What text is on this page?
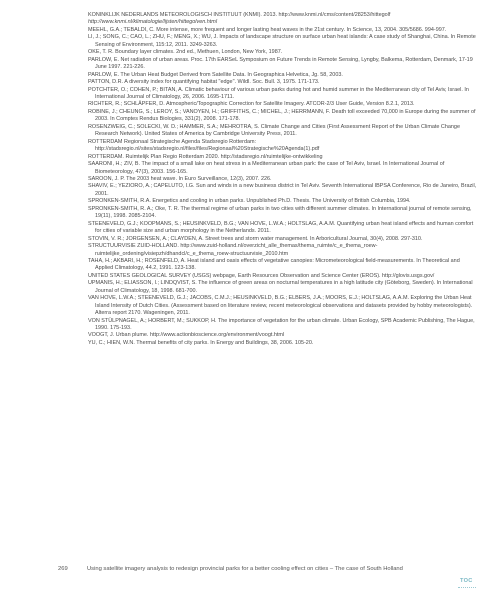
KONINKLIJK NEDERLANDS METEOROLOGISCH INSTITUUT (KNMI). 2013. http://www.knmi.nl/cms/content/28253/hittegolf

http://www.knmi.nl/klimatologie/lijsten/hittegolven.html

MEEHL, G.A.; TEBALDI, C. More intense, more frequent and longer lasting heat waves in the 21st century. In Science, 13, 2004. 305/5686. 994-997.

LI, J.; SONG, C.; CAO, L.; ZHU, F.; MENG, X.; WU, J. Impacts of landscape structure on surface urban heat islands: A case study of Shanghai, China. In Remote Sensing of Environment, 115:12, 2011. 3249-3263.

OKE, T. R. Boundary layer climates. 2nd ed., Methuen, London, New York, 1987.

PARLOW, E. Net radiation of urban areas. Proc. 17th EARSeL Symposium on Future Trends in Remote Sensing, Lyngby, Balkema, Rotterdam, Denmark, 17-19 June 1997. 221-226.

PARLOW, E. The Urban Heat Budget Derived from Satellite Data. In Geographica Helvetica, Jg. 58, 2003.

PATTON, D.R. A diversity index for quantifying habitat "edge". Wildl. Soc. Bull. 3, 1975. 171-173.

POTCHTER, O.; COHEN, P.; BITAN, A. Climatic behaviour of various urban parks during hot and humid summer in the Mediterranean city of Tel Aviv, Israel. In International Journal of Climatology, 26, 2006. 1695-1711.

RICHTER, R.; SCHLÄPFER, D. Atmospheric/Topographic Correction for Satellite Imagery. ATCOR-2/3 User Guide, Version 8.2.1, 2013.

ROBINE, J.; CHEUNG, S.; LEROY, S.; VANOYEN, H.; GRIFFITHS, C.; MICHEL, J.; HERRMANN, F. Death toll exceeded 70,000 in Europe during the summer of 2003. In Comptes Rendus Biologies, 331(2), 2008. 171-178.

ROSENZWEIG, C.; SOLECKI, W. D.; HAMMER, S.A.; MEHROTRA, S. Climate Change and Cities (First Assessment Report of the Urban Climate Change Research Network). United States of America by Cambridge University Press, 2011.

ROTTERDAM Regionaal Strategische Agenda Stadsregio Rotterdam: http://stadsregio.nl/sites/stadsregio.nl/files/files/Regionaal%20Strategische%20Agenda(1).pdf

ROTTERDAM. Ruimtelijk Plan Regio Rotterdam 2020. http://stadsregio.nl/ruimtelijke-ontwikkeling

SAARONI, H.; ZIV, B. The impact of a small lake on heat stress in a Mediterranean urban park: the case of Tel Aviv, Israel. In International Journal of Biometeorology, 47(3), 2003. 156-165.

SAROON, J. P. The 2003 heat wave. In Euro Surveillance, 12(3), 2007. 226.

SHAVIV, E.; YEZIORO, A.; CAPELUTO, I.G. Sun and winds in a new business district in Tel Aviv. Seventh International IBPSA Conference, Rio de Janeiro, Brazil, 2001.

SPRONKEN-SMITH, R.A. Energetics and cooling in urban parks. Unpublished Ph.D. Thesis. The University of British Columbia, 1994.

SPRONKEN-SMITH, R. A.; Oke, T. R. The thermal regime of urban parks in two cities with different summer climates. In International journal of remote sensing, 19(11), 1998. 2085-2104.

STEENEVELD, G.J.; KOOPMANS, S.; HEUSINKVELD, B.G.; VAN HOVE, L.W.A.; HOLTSLAG, A.A.M. Quantifying urban heat island effects and human comfort for cities of variable size and urban morphology in the Netherlands. 2011.

STOVIN, V. R.; JORGENSEN, A.; CLAYDEN, A. Street trees and storm water management. In Arboricultural Journal, 30(4), 2008. 297-310.

STRUCTUURVISIE ZUID-HOLLAND. http://www.zuid-holland.nl/overzicht_alle_themas/thema_ruimte/c_e_thema_roew-ruimtelijke_ordening/visiepzh/dhandcl/c_e_thema_roew-structuurvisie_2010.htm

TAHA, H.; AKBARI, H.; ROSENFELD, A. Heat island and oasis effects of vegetative canopies: Micrometeorological field-measurements. In Theoretical and Applied Climatology, 44.2, 1991. 123-138.

UNITED STATES GEOLOGICAL SURVEY (USGS) webpage, Earth Resources Observation and Science Center (EROS). http://glovis.usgs.gov/

UPMANIS, H.; ELIASSON, I.; LINDQVIST, S. The influence of green areas on nocturnal temperatures in a high latitude city (Göteborg, Sweden). In International Journal of Climatology, 18, 1998. 681-700.

VAN HOVE, L.W.A.; STEENEVELD, G.J.; JACOBS, C.M.J.; HEUSINKVELD, B.G.; ELBERS, J.A.; MOORS, E.J.; HOLTSLAG, A.A.M. Exploring the Urban Heat Island Intensity of Dutch Cities. (Assessment based on literature review, recent meteorological observations and datasets provided by hobby meteorologists). Alterra report 2170. Wageningen, 2011.

VON STÜLPNAGEL, A.; HORBERT, M.; SUKKOP, H. The importance of vegetation for the urban climate. Urban Ecology, SPB Academic Publishing, The Hague, 1990. 175-193.

VOOGT, J. Urban plume. http://www.actionbioscience.org/environment/voogt.html

YU, C.; HIEN, W.N. Thermal benefits of city parks. In Energy and Buildings, 38, 2006. 105-20.

269	Using satellite imagery analysis to redesign provincial parks for a better cooling effect on cities – The case of South Holland
TOC
